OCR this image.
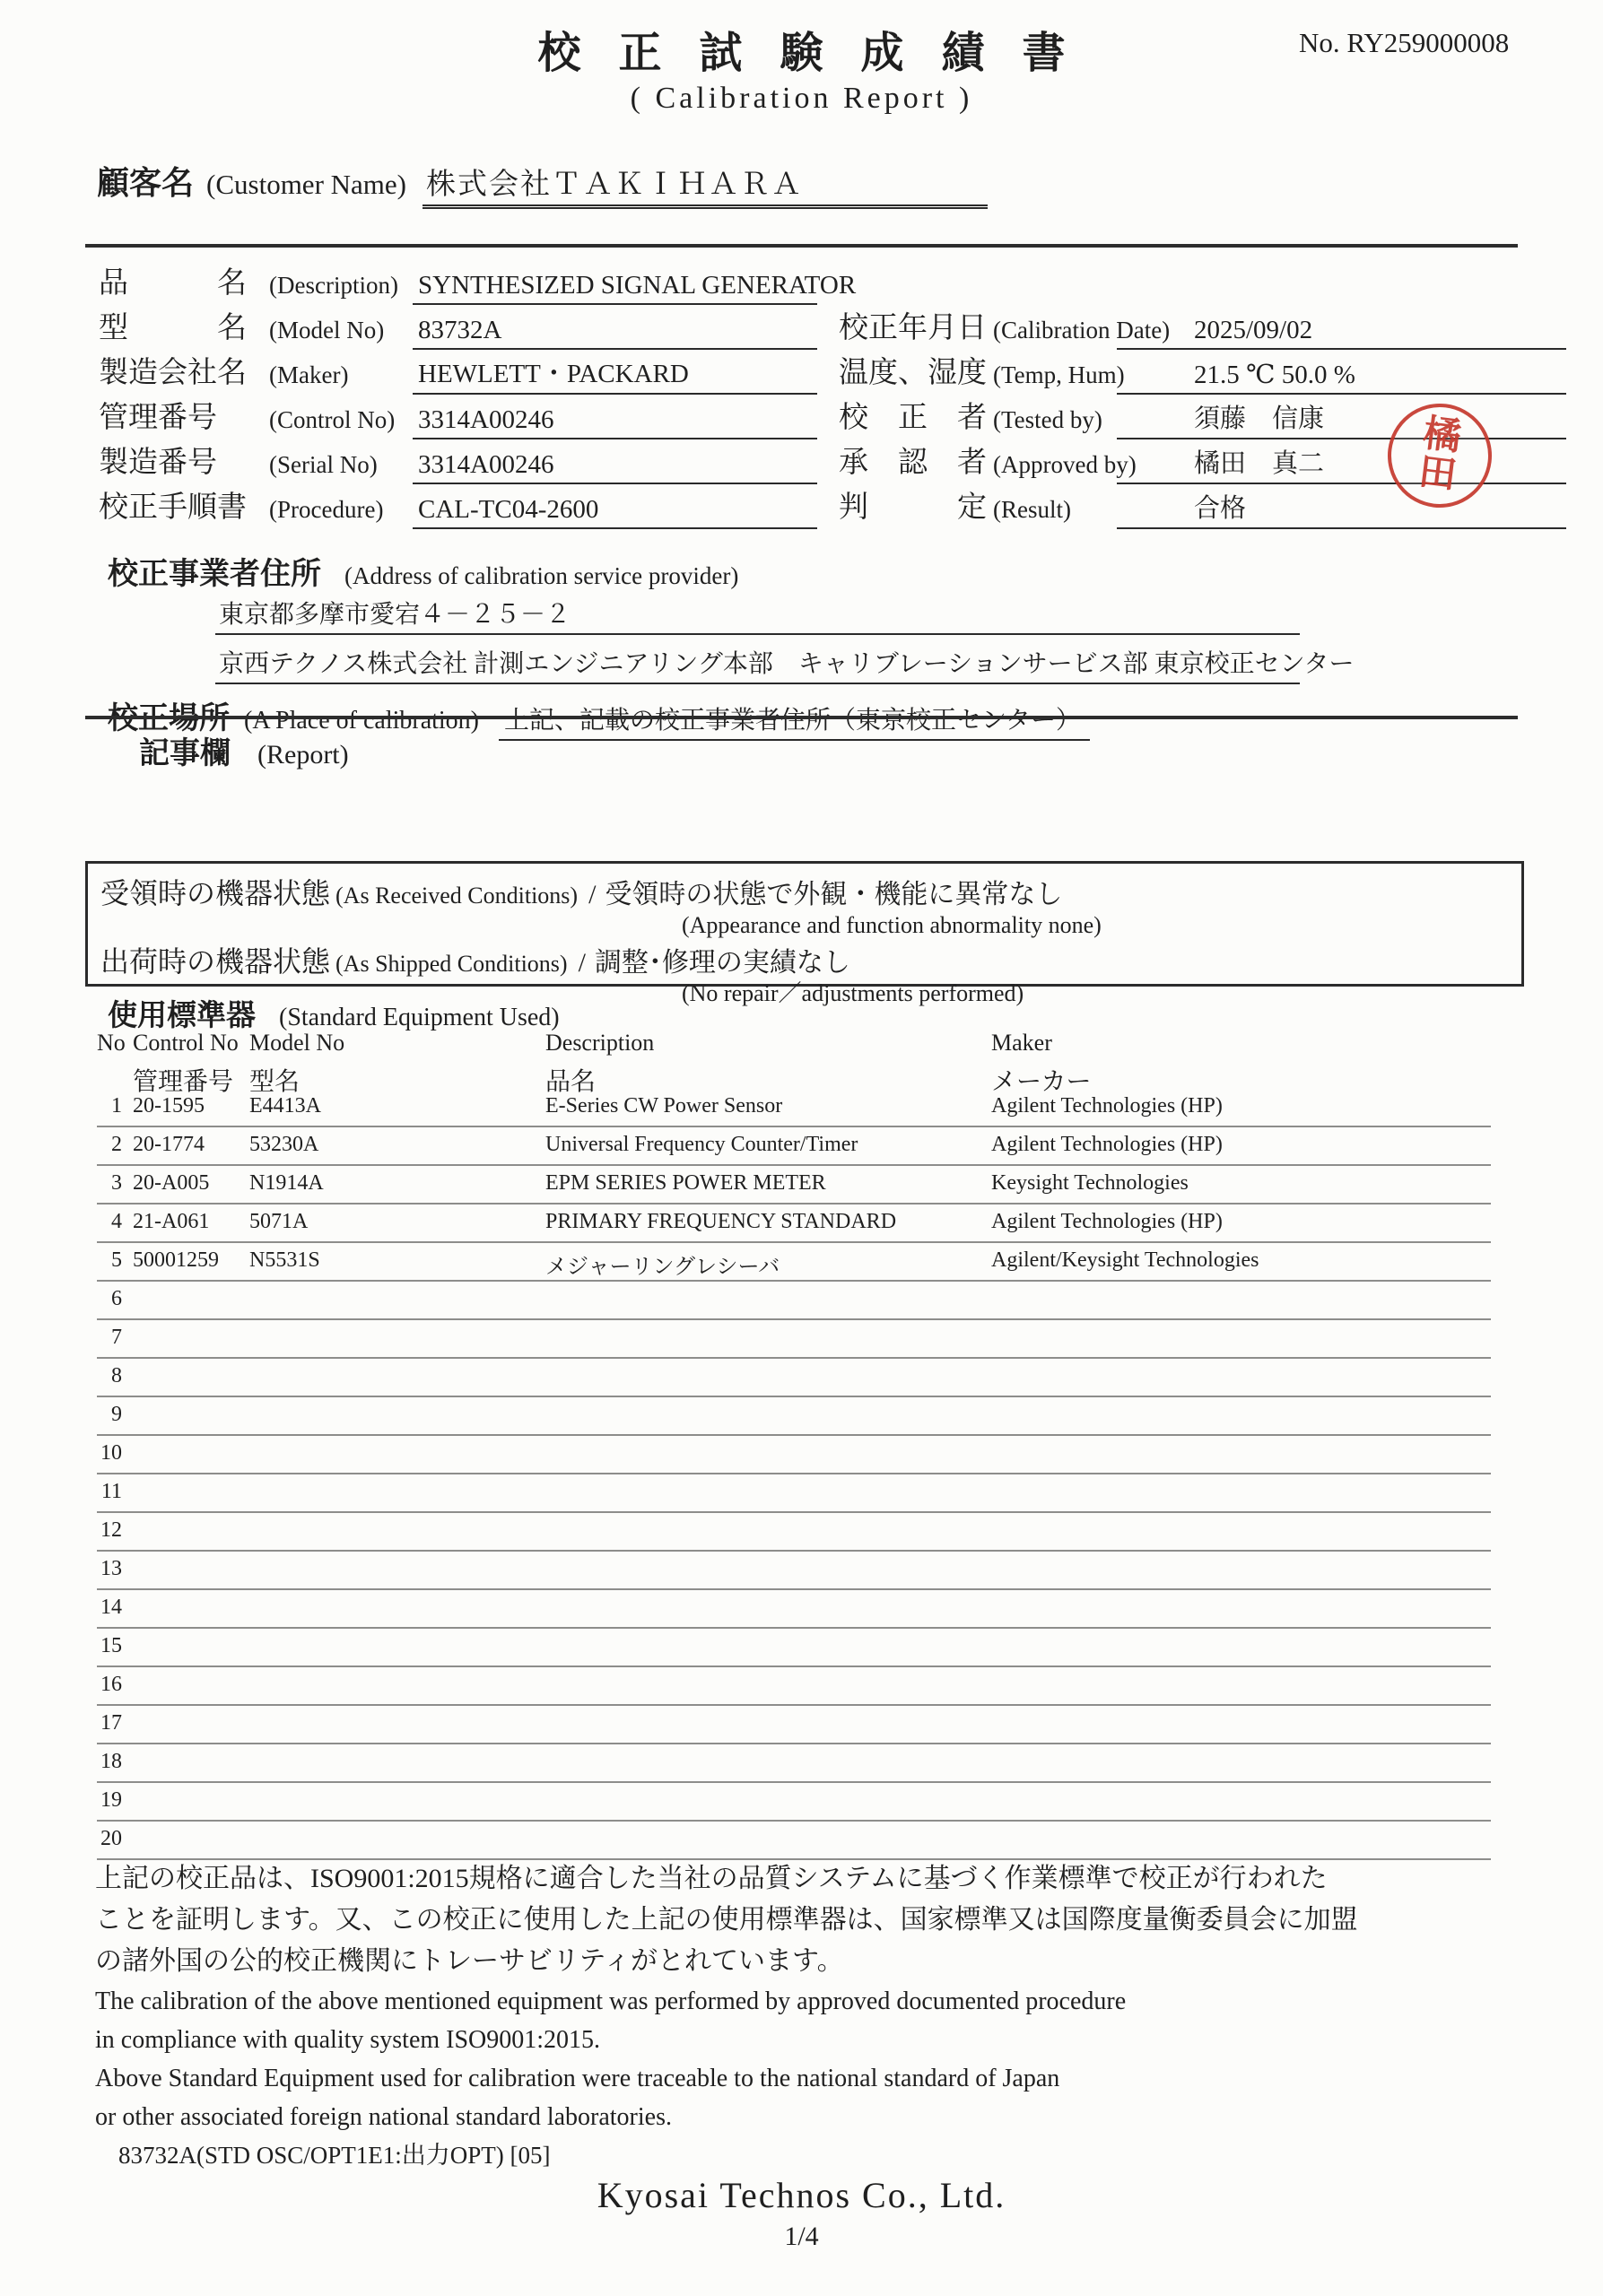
校正試験成績書
( Calibration Report )
No. RY259000008
顧客名 (Customer Name) 株式会社ＴＡＫＩＨＡＲＡ
品　　　名 (Description) SYNTHESIZED SIGNAL GENERATOR
型　　　名 (Model No) 83732A
製造会社名 (Maker)	HEWLETT・PACKARD
管理番号 (Control No) 3314A00246
製造番号 (Serial No) 3314A00246
校正手順書 (Procedure) CAL-TC04-2600
校正年月日 (Calibration Date) 2025/09/02
温度、湿度 (Temp, Hum)	21.5 ℃ 50.0 %
校　正　者 (Tested by)	須藤　信康
承　認　者 (Approved by)	橘田　真二
判　　　定 (Result)	合格
橘
田
校正事業者住所 (Address of calibration service provider)
東京都多摩市愛宕４－２５－２
京西テクノス株式会社 計測エンジニアリング本部　キャリブレーションサービス部 東京校正センター
校正場所 (A Place of calibration) 上記、記載の校正事業者住所（東京校正センター）
記事欄 (Report)
受領時の機器状態 (As Received Conditions) / 受領時の状態で外観・機能に異常なし
(Appearance and function abnormality none)
出荷時の機器状態 (As Shipped Conditions) / 調整･修理の実績なし
(No repair／adjustments performed)
使用標準器 (Standard Equipment Used)
No Control No Model No	Description	Maker
管理番号 型名	品名	メーカー
1 20-1595 E4413A	E-Series CW Power Sensor	Agilent Technologies (HP)
2 20-1774 53230A	Universal Frequency Counter/Timer	Agilent Technologies (HP)
3 20-A005 N1914A	EPM SERIES POWER METER	Keysight Technologies
4 21-A061 5071A	PRIMARY FREQUENCY STANDARD	Agilent Technologies (HP)
5 50001259 N5531S	メジャーリングレシーバ	Agilent/Keysight Technologies
6
7
8
9
10
11
12
13
14
15
16
17
18
19
20
上記の校正品は、ISO9001:2015規格に適合した当社の品質システムに基づく作業標準で校正が行われた
ことを証明します。又、この校正に使用した上記の使用標準器は、国家標準又は国際度量衡委員会に加盟
の諸外国の公的校正機関にトレーサビリティがとれています。
The calibration of the above mentioned equipment was performed by approved documented procedure
in compliance with quality system ISO9001:2015.
Above Standard Equipment used for calibration were traceable to the national standard of Japan
or other associated foreign national standard laboratories.
83732A(STD OSC/OPT1E1:出力OPT) [05]
Kyosai Technos Co., Ltd.
1/4
